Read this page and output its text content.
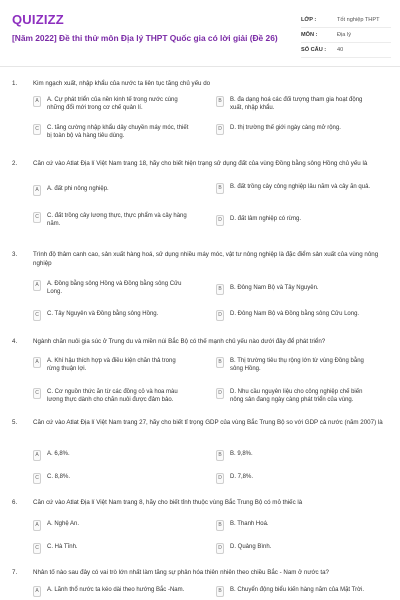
QUIZIZZ
[Năm 2022] Đề thi thử môn Địa lý THPT Quốc gia có lời giải (Đề 26)
LỚP :	Tốt nghiệp THPT
MÔN :	Địa lý
SỐ CÂU :	40
1.	Kim ngạch xuất, nhập khẩu của nước ta liên tục tăng chủ yếu do
A	A. Cự phát triển của nền kinh tế trong nước cùng những đổi mới trong cơ chế quản lí.
B	B. đa dạng hoá các đối tượng tham gia hoạt động xuất, nhập khẩu.
C	C. tăng cường nhập khẩu dây chuyền máy móc, thiết bị toàn bộ và hàng tiêu dùng.
D	D. thị trường thế giới ngày càng mở rộng.
2.	Căn cứ vào Atlat Địa lí Việt Nam trang 18, hãy cho biết hiện trạng sử dụng đất của vùng Đồng bằng sông Hồng chủ yếu là
A	A. đất phi nông nghiệp.	B	B. đất trồng cây công nghiệp lâu năm và cây ăn quả.
C	C. đất trồng cây lương thực, thực phẩm và cây hàng năm.
D	D. đất lâm nghiệp có rừng.
3.	Trình độ thâm canh cao, sản xuất hàng hoá, sử dụng nhiều máy móc, vật tư nông nghiệp là đặc điểm sản xuất của vùng nông nghiệp
A	A. Đồng bằng sông Hồng và Đồng bằng sông Cửu Long.	B	B. Đông Nam Bộ và Tây Nguyên.
C	C. Tây Nguyên và Đồng bằng sông Hồng.	D	D. Đông Nam Bộ và Đồng bằng sông Cửu Long.
4.	Ngành chăn nuôi gia súc ở Trung du và miền núi Bắc Bộ có thế mạnh chủ yếu nào dưới đây để phát triển?
A	A. Khí hậu thích hợp và điều kiện chăn thả trong rừng thuận lợi.
B	B. Thị trường tiêu thụ rộng lớn từ vùng Đồng bằng sông Hồng.
C	C. Cơ nguồn thức ăn từ các đồng cỏ và hoa màu lương thực dành cho chăn nuôi được đảm bảo.
D	D. Nhu cầu nguyên liệu cho công nghiệp chế biến nông sản đang ngày càng phát triển của vùng.
5.	Căn cứ vào Atlat Địa lí Việt Nam trang 27, hãy cho biết tỉ trọng GDP của vùng Bắc Trung Bộ so với GDP cả nước (năm 2007) là
A	A. 6,8%.	B	B. 9,8%.
C	C. 8,8%.	D	D. 7,8%.
6.	Căn cứ vào Atlat Địa lí Việt Nam trang 8, hãy cho biết tỉnh thuộc vùng Bắc Trung Bộ có mỏ thiếc là
A	A. Nghệ An.	B	B. Thanh Hoá.
C	C. Hà Tĩnh.	D	D. Quảng Bình.
7.	Nhân tố nào sau đây có vai trò lớn nhất làm tăng sự phân hóa thiên nhiên theo chiều Bắc - Nam ở nước ta?
A	A. Lãnh thổ nước ta kéo dài theo hướng Bắc -Nam.	B	B. Chuyển động biểu kiến hàng năm của Mặt Trời.
